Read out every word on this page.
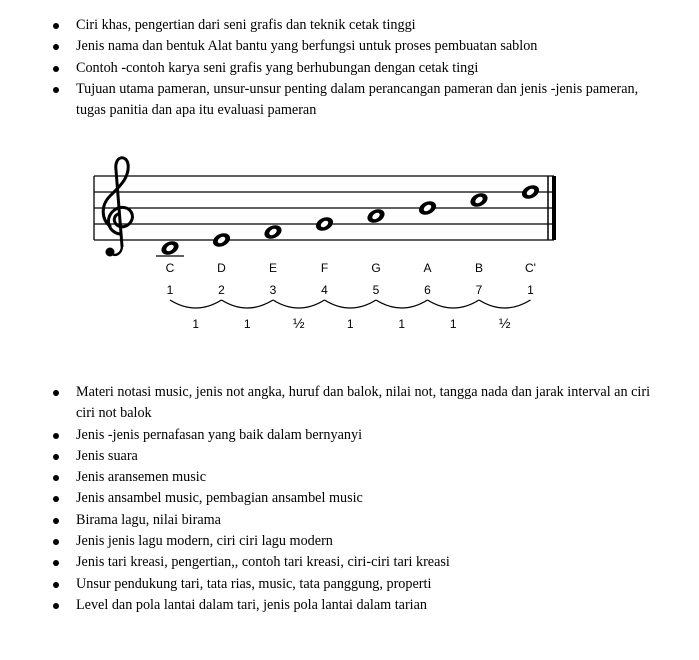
Ciri khas, pengertian dari seni grafis dan teknik cetak tinggi
Jenis nama dan bentuk Alat bantu yang berfungsi untuk proses pembuatan sablon
Contoh -contoh karya seni grafis yang berhubungan dengan cetak tingi
Tujuan utama pameran, unsur-unsur penting dalam perancangan pameran dan jenis -jenis pameran, tugas panitia dan apa itu evaluasi pameran
C	D	E	F	G	A	B	C'
1	2	3	4	5	6	7	1
1	1	½	1	1	1	½
Materi notasi music, jenis not angka, huruf dan balok, nilai not, tangga nada dan jarak interval an ciri ciri not balok
Jenis -jenis pernafasan yang baik dalam bernyanyi
Jenis suara
Jenis aransemen music
Jenis ansambel music, pembagian ansambel music
Birama lagu, nilai birama
Jenis jenis lagu modern, ciri ciri lagu modern
Jenis tari kreasi, pengertian,, contoh tari kreasi, ciri-ciri tari kreasi
Unsur pendukung tari, tata rias, music, tata panggung, properti
Level dan pola lantai dalam tari, jenis pola lantai dalam tarian
